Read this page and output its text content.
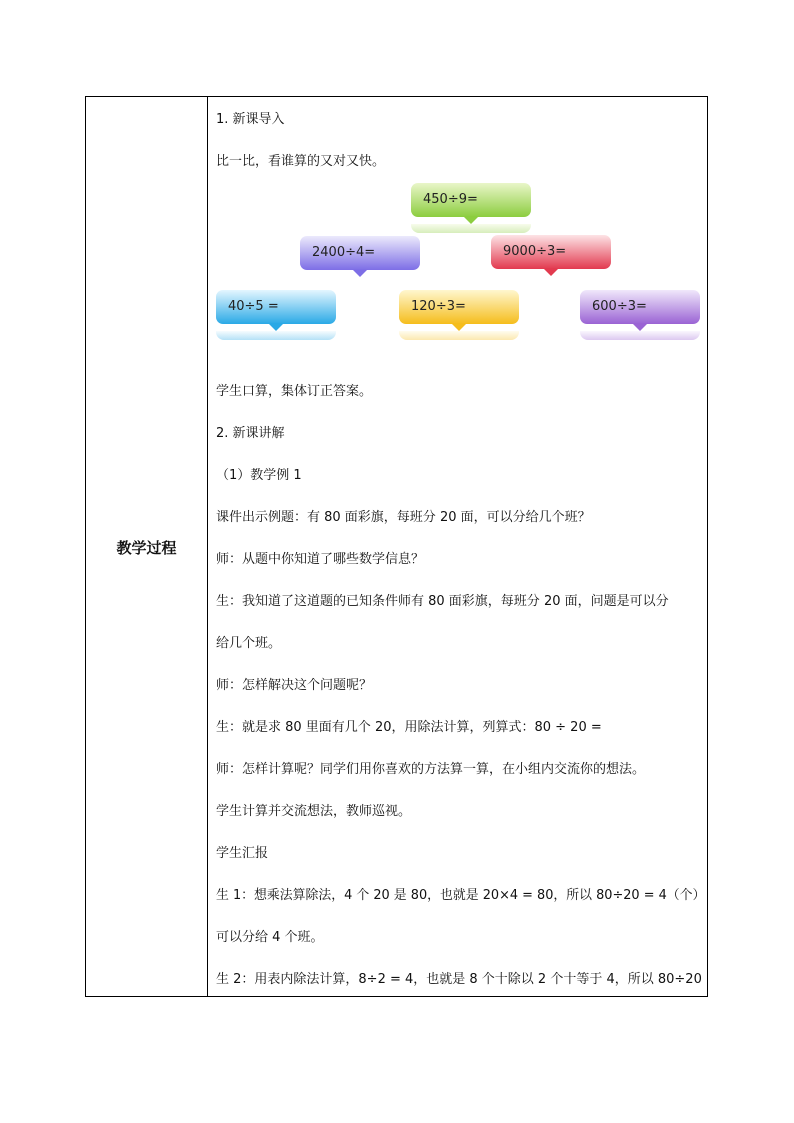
教学过程
1. 新课导入
比一比，看谁算的又对又快。
450÷9=
2400÷4=	9000÷3=
40÷5 =	120÷3=	600÷3=
学生口算，集体订正答案。
2. 新课讲解
（1）教学例 1
课件出示例题：有 80 面彩旗，每班分 20 面，可以分给几个班？
师：从题中你知道了哪些数学信息？
生：我知道了这道题的已知条件师有 80 面彩旗，每班分 20 面，问题是可以分
给几个班。
师：怎样解决这个问题呢？
生：就是求 80 里面有几个 20，用除法计算，列算式：80 ÷ 20 =
师：怎样计算呢？同学们用你喜欢的方法算一算，在小组内交流你的想法。
学生计算并交流想法，教师巡视。
学生汇报
生 1：想乘法算除法，4 个 20 是 80，也就是 20×4 = 80，所以 80÷20 = 4（个）
可以分给 4 个班。
生 2：用表内除法计算，8÷2 = 4，也就是 8 个十除以 2 个十等于 4，所以 80÷20
